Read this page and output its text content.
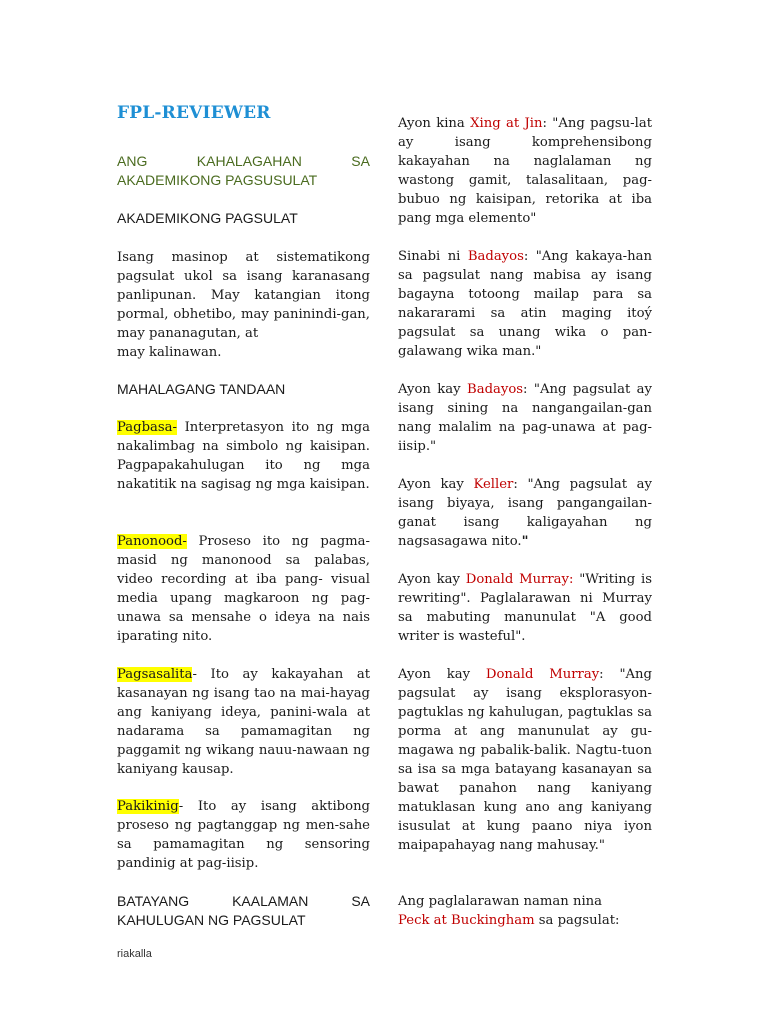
FPL-REVIEWER
ANG	KAHALAGAHAN	SA
AKADEMIKONG PAGSUSULAT
AKADEMIKONG PAGSULAT

Isang masinop at sistematikong pagsulat ukol sa isang karanasang panlipunan. May katangian itong pormal, obhetibo, may paninindi-gan, may pananagutan, at
may kalinawan.

MAHALAGANG TANDAAN

Pagbasa- Interpretasyon ito ng mga nakalimbag na simbolo ng kaisipan. Pagpapakahulugan ito ng mga nakatitik na sagisag ng mga kaisipan.

Panonood- Proseso ito ng pagma-masid ng manonood sa palabas, video recording at iba pang- visual media upang magkaroon ng pag-unawa sa mensahe o ideya na nais iparating nito.

Pagsasalita- Ito ay kakayahan at kasanayan ng isang tao na mai-hayag ang kaniyang ideya, panini-wala at nadarama sa pamamagitan ng paggamit ng wikang nauu-nawaan ng kaniyang kausap.

Pakikinig- Ito ay isang aktibong proseso ng pagtanggap ng men-sahe sa pamamagitan ng sensoring pandinig at pag-iisip.

BATAYANG	KAALAMAN	SA
KAHULUGAN NG PAGSULAT

Ayon kina Xing at Jin: "Ang pagsu-lat ay isang komprehensibong kakayahan na naglalaman ng wastong gamit, talasalitaan, pag-bubuo ng kaisipan, retorika at iba pang mga elemento"

Sinabi ni Badayos: "Ang kakaya-han sa pagsulat nang mabisa ay isang bagayna totoong mailap para sa nakararami sa atin maging itoý pagsulat sa unang wika o pan-galawang wika man."

Ayon kay Badayos: "Ang pagsulat ay isang sining na nangangailan-gan nang malalim na pag-unawa at pag-iisip."

Ayon kay Keller: "Ang pagsulat ay isang biyaya, isang pangangailan-ganat isang kaligayahan ng nagsasagawa nito."

Ayon kay Donald Murray: "Writing is rewriting". Paglalarawan ni Murray sa mabuting manunulat "A good writer is wasteful".

Ayon kay Donald Murray: "Ang pagsulat ay isang eksplorasyon-pagtuklas ng kahulugan, pagtuklas sa porma at ang manunulat ay gu-magawa ng pabalik-balik. Nagtu-tuon sa isa sa mga batayang kasanayan sa bawat panahon nang kaniyang matuklasan kung ano ang kaniyang isusulat at kung paano niya iyon maipapahayag nang mahusay."

Ang paglalarawan naman nina
Peck at Buckingham sa pagsulat:

riakalla
